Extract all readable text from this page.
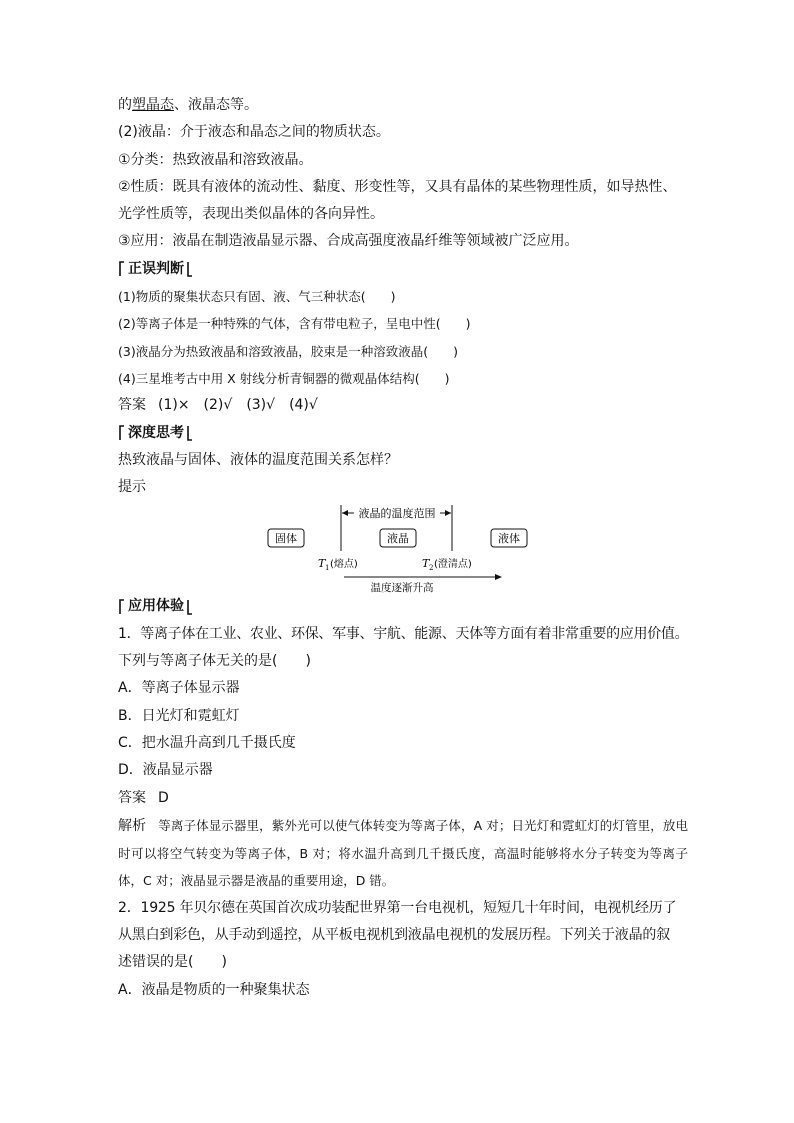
的塑晶态、液晶态等。
(2)液晶：介于液态和晶态之间的物质状态。
①分类：热致液晶和溶致液晶。
②性质：既具有液体的流动性、黏度、形变性等，又具有晶体的某些物理性质，如导热性、
光学性质等，表现出类似晶体的各向异性。
③应用：液晶在制造液晶显示器、合成高强度液晶纤维等领域被广泛应用。
正误判断
(1)物质的聚集状态只有固、液、气三种状态(　　)
(2)等离子体是一种特殊的气体，含有带电粒子，呈电中性(　　)
(3)液晶分为热致液晶和溶致液晶，胶束是一种溶致液晶(　　)
(4)三星堆考古中用 X 射线分析青铜器的微观晶体结构(　　)
答案 (1)×　(2)√　(3)√　(4)√
深度思考
热致液晶与固体、液体的温度范围关系怎样？
提示
液晶的温度范围
固体	液晶	液体
T 1 (熔点)	T 2 (澄清点)
温度逐渐升高
应用体验
1．等离子体在工业、农业、环保、军事、宇航、能源、天体等方面有着非常重要的应用价值。
下列与等离子体无关的是(　　)
A．等离子体显示器
B．日光灯和霓虹灯
C．把水温升高到几千摄氏度
D．液晶显示器
答案 D
解析 等离子体显示器里，紫外光可以使气体转变为等离子体，A 对；日光灯和霓虹灯的灯管里，放电时可以将空气转变为等离子体，B 对；将水温升高到几千摄氏度，高温时能够将水分子转变为等离子体，C 对；液晶显示器是液晶的重要用途，D 错。
2．1925 年贝尔德在英国首次成功装配世界第一台电视机，短短几十年时间，电视机经历了
从黑白到彩色，从手动到遥控，从平板电视机到液晶电视机的发展历程。下列关于液晶的叙
述错误的是(　　)
A．液晶是物质的一种聚集状态
